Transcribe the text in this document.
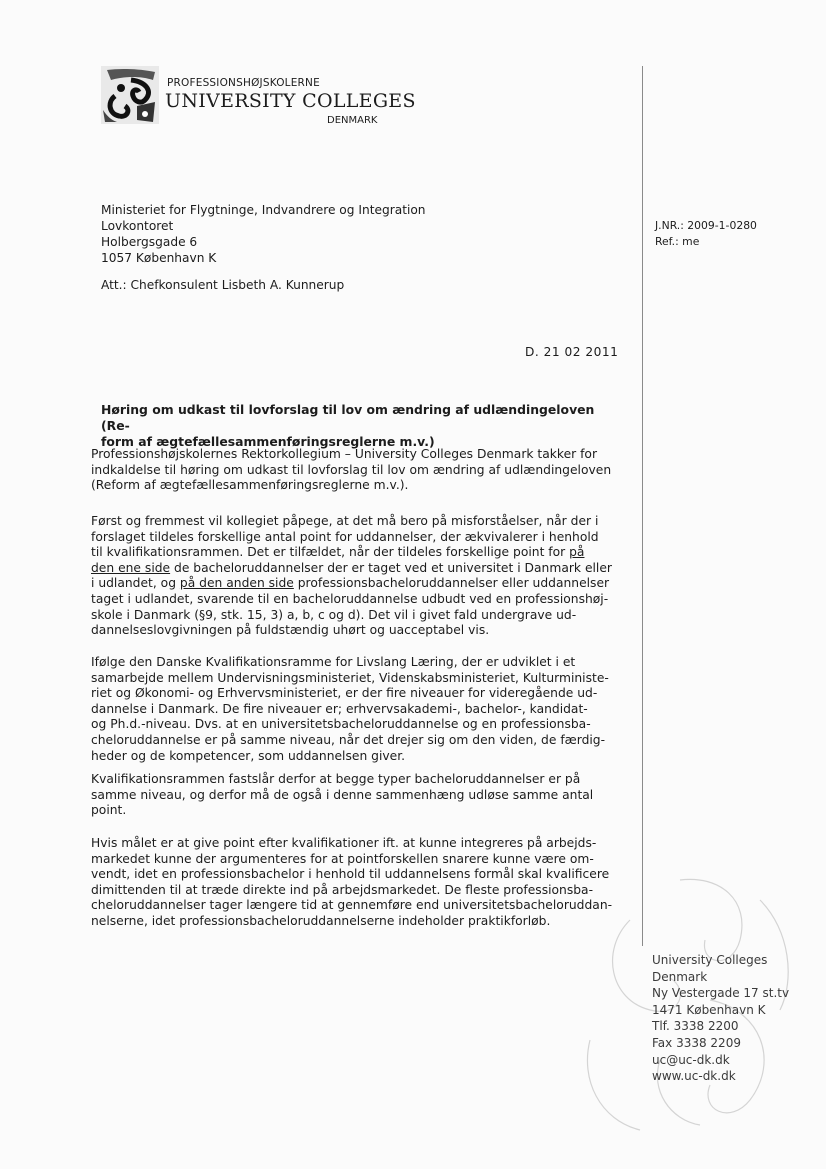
PROFESSIONSHØJSKOLERNE
UNIVERSITY COLLEGES
DENMARK
Ministeriet for Flygtninge, Indvandrere og Integration
Lovkontoret
Holbergsgade 6
1057 København K
Att.: Chefkonsulent Lisbeth A. Kunnerup
J.NR.: 2009-1-0280
Ref.: me
D. 21 02 2011
Høring om udkast til lovforslag til lov om ændring af udlændingeloven (Re-
form af ægtefællesammenføringsreglerne m.v.)
Professionshøjskolernes Rektorkollegium – University Colleges Denmark takker for
indkaldelse til høring om udkast til lovforslag til lov om ændring af udlændingeloven
(Reform af ægtefællesammenføringsreglerne m.v.).
Først og fremmest vil kollegiet påpege, at det må bero på misforståelser, når der i
forslaget tildeles forskellige antal point for uddannelser, der ækvivalerer i henhold
til kvalifikationsrammen. Det er tilfældet, når der tildeles forskellige point for på
den ene side de bacheloruddannelser der er taget ved et universitet i Danmark eller
i udlandet, og på den anden side professionsbacheloruddannelser eller uddannelser
taget i udlandet, svarende til en bacheloruddannelse udbudt ved en professionshøj-
skole i Danmark (§9, stk. 15, 3) a, b, c og d). Det vil i givet fald undergrave ud-
dannelseslovgivningen på fuldstændig uhørt og uacceptabel vis.
Ifølge den Danske Kvalifikationsramme for Livslang Læring, der er udviklet i et
samarbejde mellem Undervisningsministeriet, Videnskabsministeriet, Kulturministe-
riet og Økonomi- og Erhvervsministeriet, er der fire niveauer for videregående ud-
dannelse i Danmark. De fire niveauer er; erhvervsakademi-, bachelor-, kandidat-
og Ph.d.-niveau. Dvs. at en universitetsbacheloruddannelse og en professionsba-
cheloruddannelse er på samme niveau, når det drejer sig om den viden, de færdig-
heder og de kompetencer, som uddannelsen giver.
Kvalifikationsrammen fastslår derfor at begge typer bacheloruddannelser er på
samme niveau, og derfor må de også i denne sammenhæng udløse samme antal
point.
Hvis målet er at give point efter kvalifikationer ift. at kunne integreres på arbejds-
markedet kunne der argumenteres for at pointforskellen snarere kunne være om-
vendt, idet en professionsbachelor i henhold til uddannelsens formål skal kvalificere
dimittenden til at træde direkte ind på arbejdsmarkedet. De fleste professionsba-
cheloruddannelser tager længere tid at gennemføre end universitetsbacheloruddan-
nelserne, idet professionsbacheloruddannelserne indeholder praktikforløb.
University Colleges
Denmark
Ny Vestergade 17 st.tv
1471 København K
Tlf. 3338 2200
Fax 3338 2209
uc@uc-dk.dk
www.uc-dk.dk
